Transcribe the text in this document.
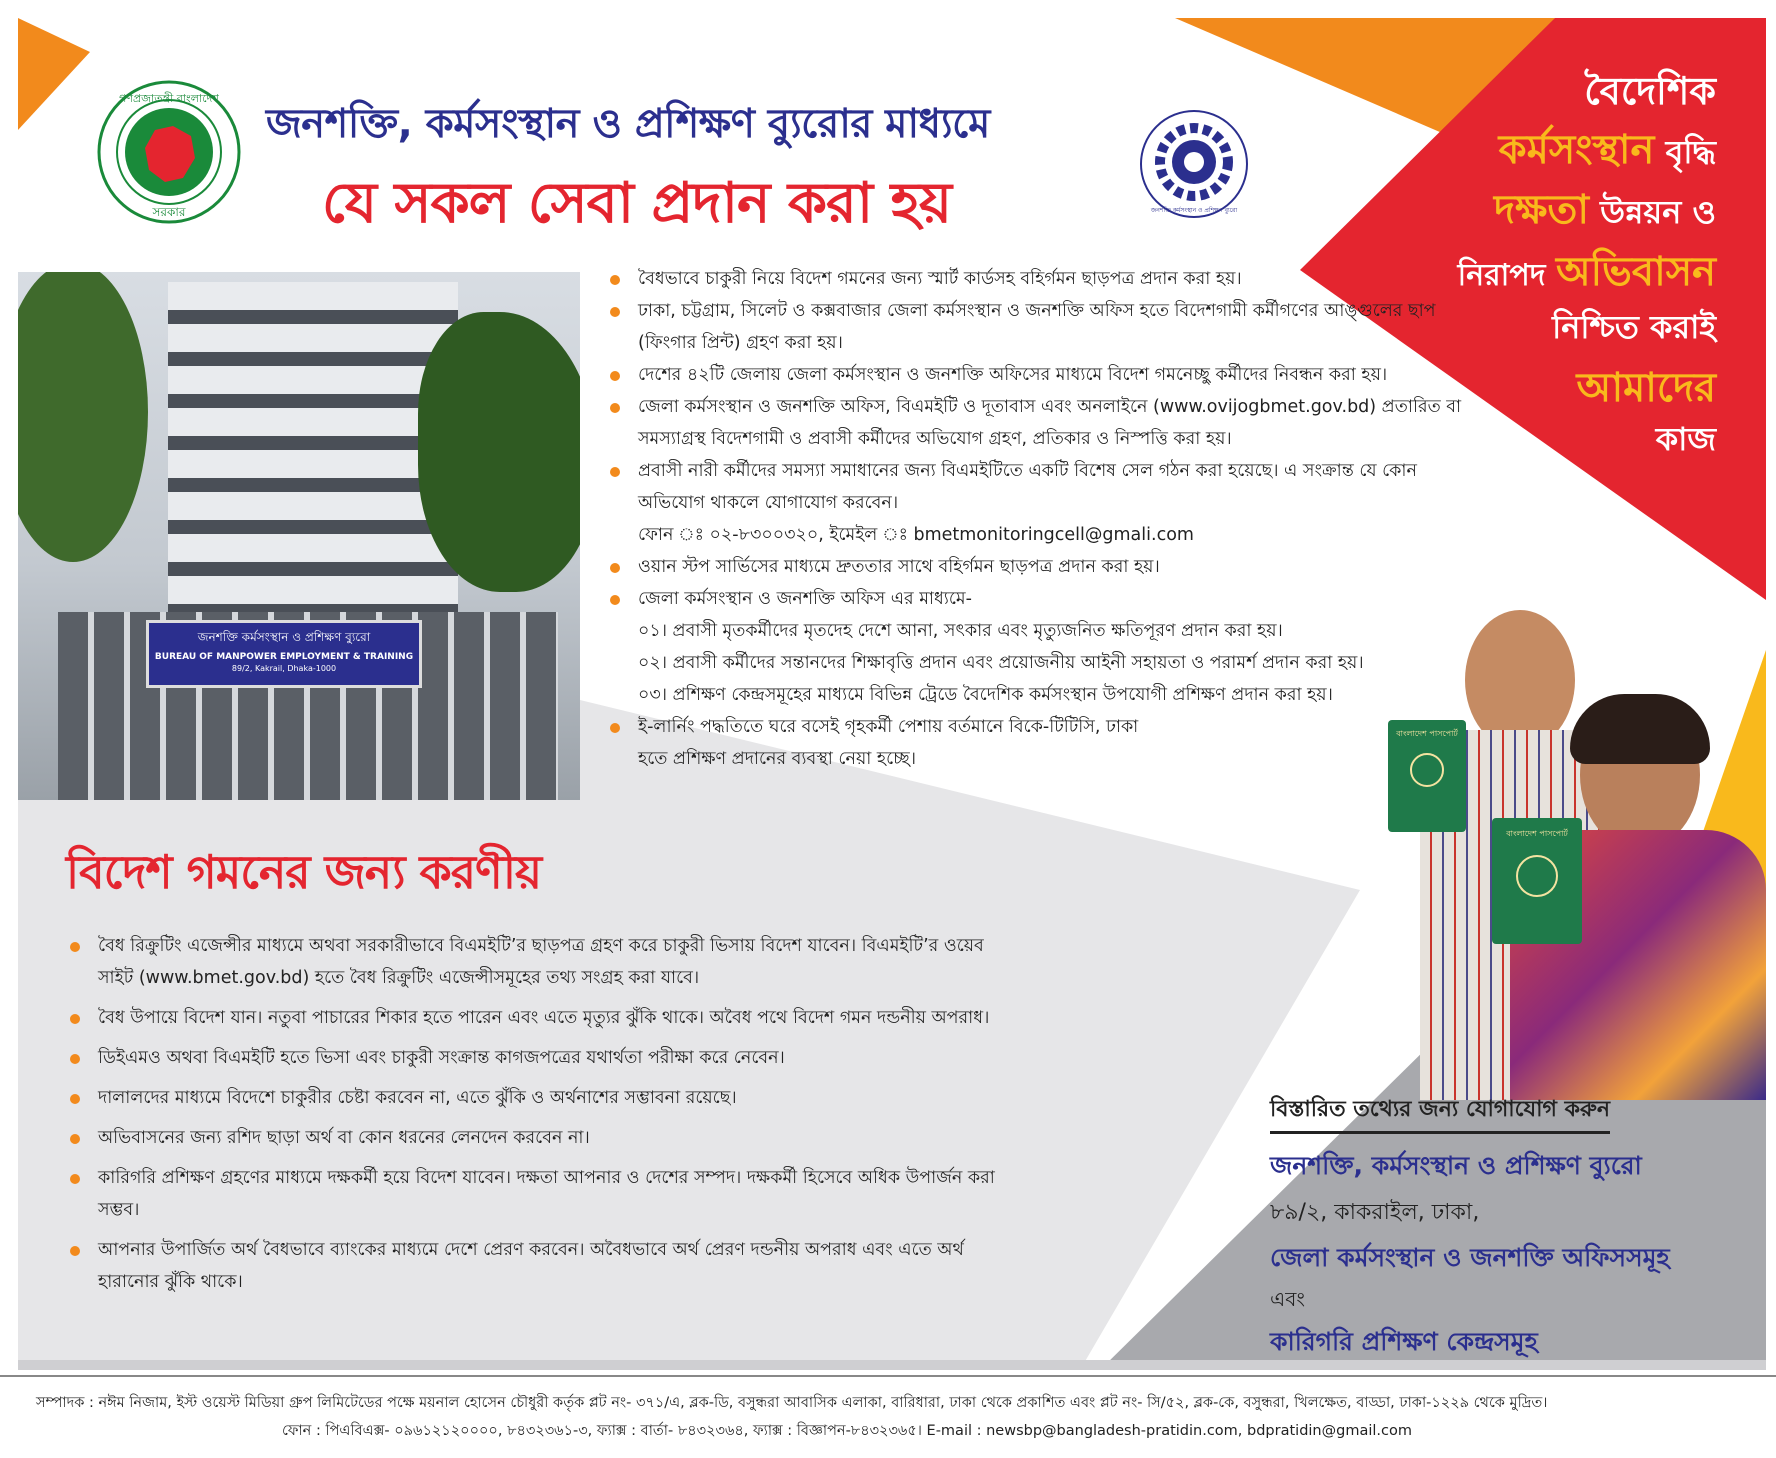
গণপ্রজাতন্ত্রী বাংলাদেশ
সরকার
জনশক্তি, কর্মসংস্থান ও প্রশিক্ষণ ব্যুরোর মাধ্যমে
যে সকল সেবা প্রদান করা হয়	জনশক্তি কর্মসংস্থান ও প্রশিক্ষণ ব্যুরো
জনশক্তি কর্মসংস্থান ও প্রশিক্ষণ ব্যুরো
BUREAU OF MANPOWER EMPLOYMENT & TRAINING
89/2, Kakrail, Dhaka-1000
বৈধভাবে চাকুরী নিয়ে বিদেশ গমনের জন্য স্মার্ট কার্ডসহ বহির্গমন ছাড়পত্র প্রদান করা হয়।
ঢাকা, চট্টগ্রাম, সিলেট ও কক্সবাজার জেলা কর্মসংস্থান ও জনশক্তি অফিস হতে বিদেশগামী কর্মীগণের আঙ্গুলের ছাপ (ফিংগার প্রিন্ট) গ্রহণ করা হয়।
দেশের ৪২টি জেলায় জেলা কর্মসংস্থান ও জনশক্তি অফিসের মাধ্যমে বিদেশ গমনেচ্ছু কর্মীদের নিবন্ধন করা হয়।
জেলা কর্মসংস্থান ও জনশক্তি অফিস, বিএমইটি ও দূতাবাস এবং অনলাইনে (www.ovijogbmet.gov.bd) প্রতারিত বা সমস্যাগ্রস্থ বিদেশগামী ও প্রবাসী কর্মীদের অভিযোগ গ্রহণ, প্রতিকার ও নিস্পত্তি করা হয়।
প্রবাসী নারী কর্মীদের সমস্যা সমাধানের জন্য বিএমইটিতে একটি বিশেষ সেল গঠন করা হয়েছে। এ সংক্রান্ত যে কোন অভিযোগ থাকলে যোগাযোগ করবেন।
ফোন ঃ ০২-৮৩০০৩২০, ইমেইল ঃ bmetmonitoringcell@gmali.com
ওয়ান স্টপ সার্ভিসের মাধ্যমে দ্রুততার সাথে বহির্গমন ছাড়পত্র প্রদান করা হয়।
জেলা কর্মসংস্থান ও জনশক্তি অফিস এর মাধ্যমে-
০১। প্রবাসী মৃতকর্মীদের মৃতদেহ দেশে আনা, সৎকার এবং মৃত্যুজনিত ক্ষতিপূরণ প্রদান করা হয়।
০২। প্রবাসী কর্মীদের সন্তানদের শিক্ষাবৃত্তি প্রদান এবং প্রয়োজনীয় আইনী সহায়তা ও পরামর্শ প্রদান করা হয়।
০৩। প্রশিক্ষণ কেন্দ্রসমূহের মাধ্যমে বিভিন্ন ট্রেডে বৈদেশিক কর্মসংস্থান উপযোগী প্রশিক্ষণ প্রদান করা হয়।
ই-লার্নিং পদ্ধতিতে ঘরে বসেই গৃহকর্মী পেশায় বর্তমানে বিকে-টিটিসি, ঢাকা হতে প্রশিক্ষণ প্রদানের ব্যবস্থা নেয়া হচ্ছে।
বৈদেশিক
কর্মসংস্থান বৃদ্ধি
দক্ষতা উন্নয়ন ও
নিরাপদ অভিবাসন
নিশ্চিত করাই
আমাদের
কাজ
বাংলাদেশ পাসপোর্ট
বাংলাদেশ পাসপোর্ট
বিদেশ গমনের জন্য করণীয়
বৈধ রিক্রুটিং এজেন্সীর মাধ্যমে অথবা সরকারীভাবে বিএমইটি’র ছাড়পত্র গ্রহণ করে চাকুরী ভিসায় বিদেশ যাবেন। বিএমইটি’র ওয়েব সাইট (www.bmet.gov.bd) হতে বৈধ রিক্রুটিং এজেন্সীসমূহের তথ্য সংগ্রহ করা যাবে।
বৈধ উপায়ে বিদেশ যান। নতুবা পাচারের শিকার হতে পারেন এবং এতে মৃত্যুর ঝুঁকি থাকে। অবৈধ পথে বিদেশ গমন দন্ডনীয় অপরাধ।
ডিইএমও অথবা বিএমইটি হতে ভিসা এবং চাকুরী সংক্রান্ত কাগজপত্রের যথার্থতা পরীক্ষা করে নেবেন।
দালালদের মাধ্যমে বিদেশে চাকুরীর চেষ্টা করবেন না, এতে ঝুঁকি ও অর্থনাশের সম্ভাবনা রয়েছে।
অভিবাসনের জন্য রশিদ ছাড়া অর্থ বা কোন ধরনের লেনদেন করবেন না।
কারিগরি প্রশিক্ষণ গ্রহণের মাধ্যমে দক্ষকর্মী হয়ে বিদেশ যাবেন। দক্ষতা আপনার ও দেশের সম্পদ। দক্ষকর্মী হিসেবে অধিক উপার্জন করা সম্ভব।
আপনার উপার্জিত অর্থ বৈধভাবে ব্যাংকের মাধ্যমে দেশে প্রেরণ করবেন। অবৈধভাবে অর্থ প্রেরণ দন্ডনীয় অপরাধ এবং এতে অর্থ হারানোর ঝুঁকি থাকে।
বিস্তারিত তথ্যের জন্য যোগাযোগ করুন
জনশক্তি, কর্মসংস্থান ও প্রশিক্ষণ ব্যুরো
৮৯/২, কাকরাইল, ঢাকা,
জেলা কর্মসংস্থান ও জনশক্তি অফিসসমূহ
এবং
কারিগরি প্রশিক্ষণ কেন্দ্রসমূহ
সম্পাদক : নঈম নিজাম, ইস্ট ওয়েস্ট মিডিয়া গ্রুপ লিমিটেডের পক্ষে ময়নাল হোসেন চৌধুরী কর্তৃক প্লট নং- ৩৭১/এ, ব্লক-ডি, বসুন্ধরা আবাসিক এলাকা, বারিধারা, ঢাকা থেকে প্রকাশিত এবং প্লট নং- সি/৫২, ব্লক-কে, বসুন্ধরা, খিলক্ষেত, বাড্ডা, ঢাকা-১২২৯ থেকে মুদ্রিত।
ফোন : পিএবিএক্স- ০৯৬১২১২০০০০, ৮৪৩২৩৬১-৩, ফ্যাক্স : বার্তা- ৮৪৩২৩৬৪, ফ্যাক্স : বিজ্ঞাপন-৮৪৩২৩৬৫। E-mail : newsbp@bangladesh-pratidin.com, bdpratidin@gmail.com
